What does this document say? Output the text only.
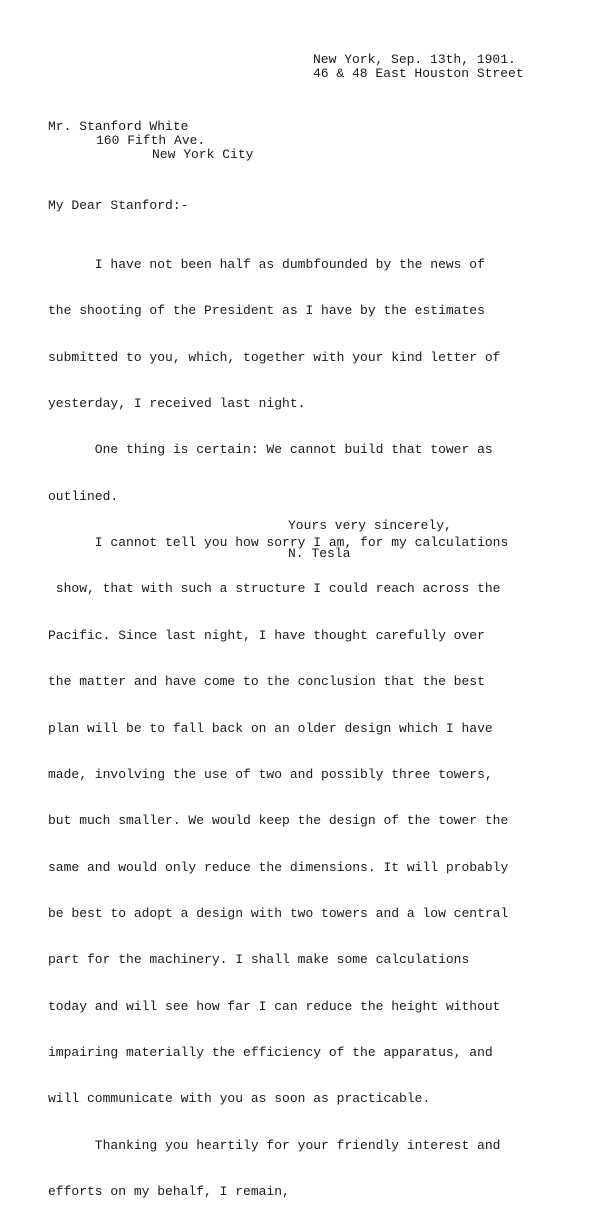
New York, Sep. 13th, 1901.

46 & 48 East Houston Street

Mr. Stanford White

160 Fifth Ave.

New York City

My Dear Stanford:-

I have not been half as dumbfounded by the news of

the shooting of the President as I have by the estimates

submitted to you, which, together with your kind letter of

yesterday, I received last night.

One thing is certain: We cannot build that tower as

outlined.

I cannot tell you how sorry I am, for my calculations

show, that with such a structure I could reach across the

Pacific. Since last night, I have thought carefully over

the matter and have come to the conclusion that the best

plan will be to fall back on an older design which I have

made, involving the use of two and possibly three towers,

but much smaller. We would keep the design of the tower the

same and would only reduce the dimensions. It will probably

be best to adopt a design with two towers and a low central

part for the machinery. I shall make some calculations

today and will see how far I can reduce the height without

impairing materially the efficiency of the apparatus, and

will communicate with you as soon as practicable.

Thanking you heartily for your friendly interest and

efforts on my behalf, I remain,

Yours very sincerely,

N. Tesla
